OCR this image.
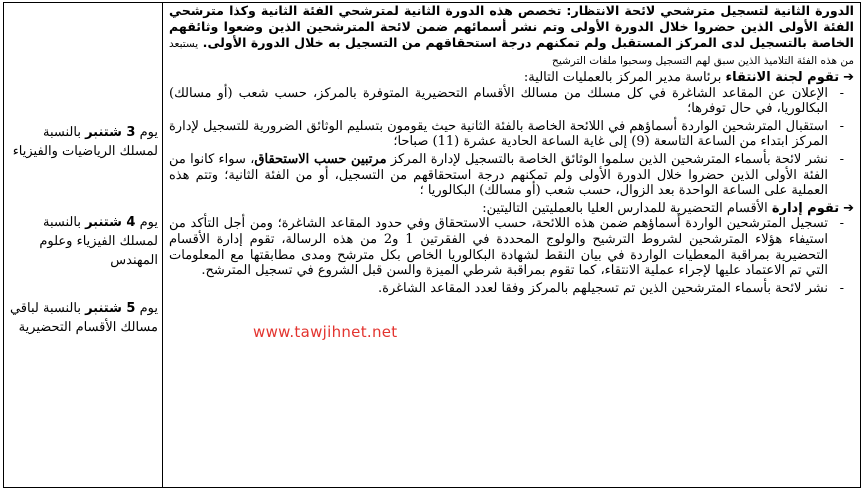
الدورة الثانية لتسجيل مترشحي لائحة الانتظار: تخصص هذه الدورة الثانية لمترشحي الفئة الثانية وكذا مترشحي الفئة الأولى الذين حضروا خلال الدورة الأولى وتم نشر أسمائهم ضمن لائحة المترشحين الذين وضعوا وثائقهم الخاصة بالتسجيل لدى المركز المستقبل ولم تمكنهم درجة استحقاقهم من التسجيل به خلال الدورة الأولى. يستبعد من هذه الفئة التلاميذ الذين سبق لهم التسجيل وسحبوا ملفات الترشيح

➔
تقوم لجنة الانتقاء برئاسة مدير المركز بالعمليات التالية:
- الإعلان عن المقاعد الشاغرة في كل مسلك من مسالك الأقسام التحضيرية المتوفرة بالمركز، حسب شعب (أو مسالك) البكالوريا، في حال توفرها؛
- استقبال المترشحين الواردة أسماؤهم في اللائحة الخاصة بالفئة الثانية حيث يقومون بتسليم الوثائق الضرورية للتسجيل لإدارة المركز ابتداء من الساعة التاسعة (9) إلى غاية الساعة الحادية عشرة (11) صباحا؛
- نشر لائحة بأسماء المترشحين الذين سلموا الوثائق الخاصة بالتسجيل لإدارة المركز مرتبين حسب الاستحقاق، سواء كانوا من الفئة الأولى الذين حضروا خلال الدورة الأولى ولم تمكنهم درجة استحقاقهم من التسجيل، أو من الفئة الثانية؛ وتتم هذه العملية على الساعة الواحدة بعد الزوال، حسب شعب (أو مسالك) البكالوريا ؛
➔
تقوم إدارة الأقسام التحضيرية للمدارس العليا بالعمليتين التاليتين:
- تسجيل المترشحين الواردة أسماؤهم ضمن هذه اللائحة، حسب الاستحقاق وفي حدود المقاعد الشاغرة؛ ومن أجل التأكد من استيفاء هؤلاء المترشحين لشروط الترشيح والولوج المحددة في الفقرتين 1 و2 من هذه الرسالة، تقوم إدارة الأقسام التحضيرية بمراقبة المعطيات الواردة في بيان النقط لشهادة البكالوريا الخاص بكل مترشح ومدى مطابقتها مع المعلومات التي تم الاعتماد عليها لإجراء عملية الانتقاء، كما تقوم بمراقبة شرطي الميزة والسن قبل الشروع في تسجيل المترشح.
- نشر لائحة بأسماء المترشحين الذين تم تسجيلهم بالمركز وفقا لعدد المقاعد الشاغرة.
www.tawjihnet.net

يوم 3 شتنبر بالنسبة لمسلك الرياضيات والفيزياء
يوم 4 شتنبر بالنسبة لمسلك الفيزياء وعلوم المهندس
يوم 5 شتنبر بالنسبة لباقي مسالك الأقسام التحضيرية
